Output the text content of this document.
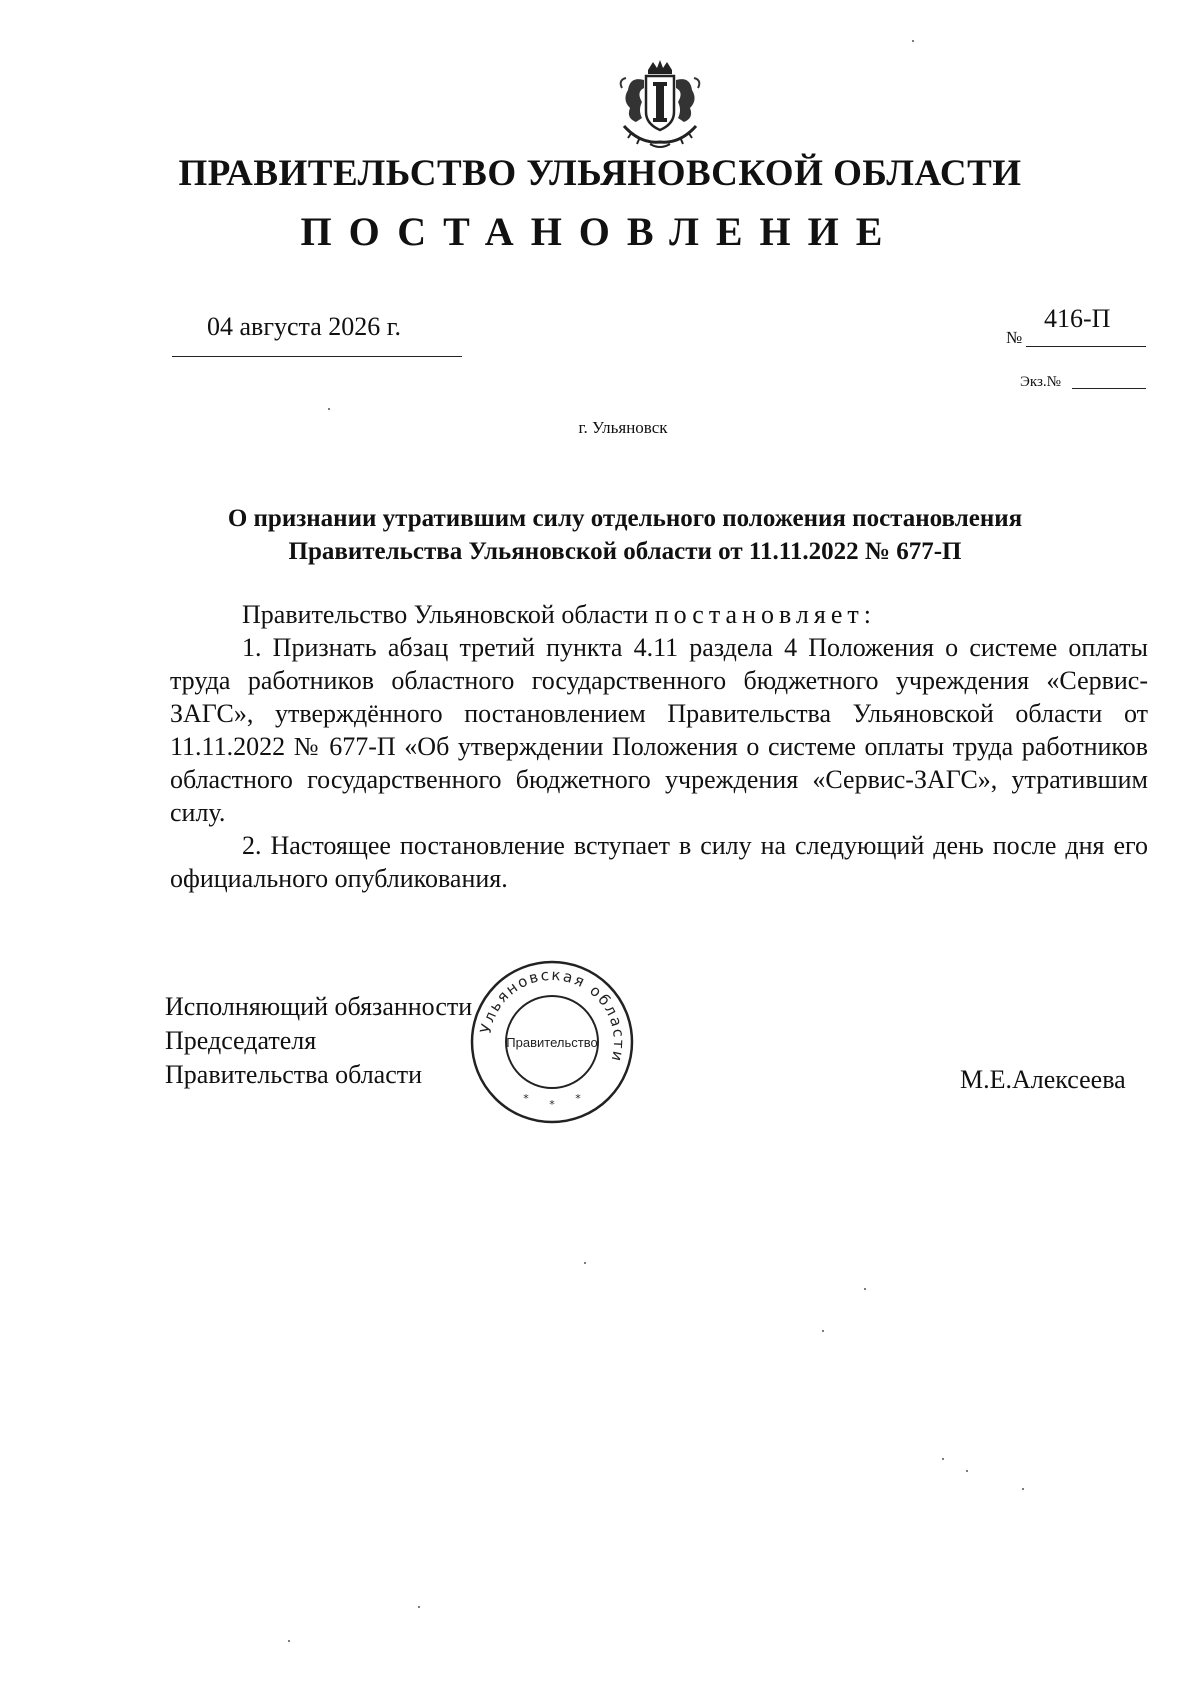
ПРАВИТЕЛЬСТВО УЛЬЯНОВСКОЙ ОБЛАСТИ
ПОСТАНОВЛЕНИЕ
04 августа 2026 г.	№
416-П
Экз.№
г. Ульяновск
О признании утратившим силу отдельного положения постановления
Правительства Ульяновской области от 11.11.2022 № 677-П

Правительство Ульяновской области постановляет:

1. Признать абзац третий пункта 4.11 раздела 4 Положения о системе оплаты труда работников областного государственного бюджетного учреждения «Сервис-ЗАГС», утверждённого постановлением Правительства Ульяновской области от 11.11.2022 № 677-П «Об утверждении Положения о системе оплаты труда работников областного государственного бюджетного учреждения «Сервис-ЗАГС», утратившим силу.

2. Настоящее постановление вступает в силу на следующий день после дня его официального опубликования.

Исполняющий обязанности
Председателя
Правительства области
Ульяновская области
Правительство
* * *
М.Е.Алексеева
